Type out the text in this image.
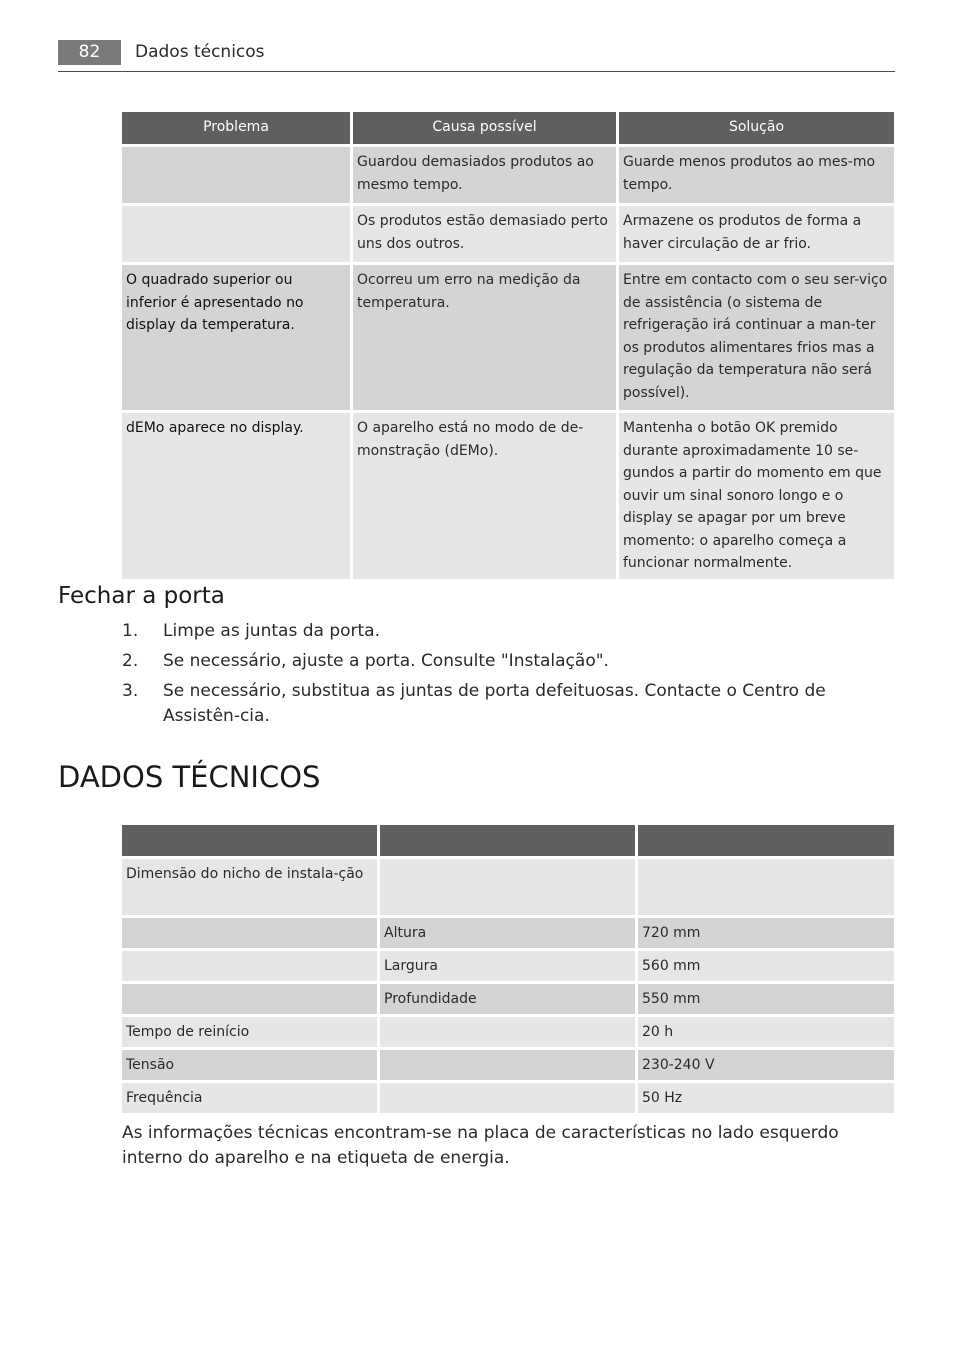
82	Dados técnicos
Problema	Causa possível	Solução
	Guardou demasiados produtos ao mesmo tempo.	Guarde menos produtos ao mes-mo tempo.
	Os produtos estão demasiado perto uns dos outros.	Armazene os produtos de forma a haver circulação de ar frio.
O quadrado superior ou inferior é apresentado no display da temperatura.	Ocorreu um erro na medição da temperatura.	Entre em contacto com o seu ser-viço de assistência (o sistema de refrigeração irá continuar a man-ter os produtos alimentares frios mas a regulação da temperatura não será possível).
dEMo aparece no display.	O aparelho está no modo de de-monstração (dEMo).	Mantenha o botão OK premido durante aproximadamente 10 se-gundos a partir do momento em que ouvir um sinal sonoro longo e o display se apagar por um breve momento: o aparelho começa a funcionar normalmente.
Fechar a porta
1. Limpe as juntas da porta.
2. Se necessário, ajuste a porta. Consulte "Instalação".
3. Se necessário, substitua as juntas de porta defeituosas. Contacte o Centro de Assistên-cia.
DADOS TÉCNICOS

Dimensão do nicho de instala-ção		
	Altura	720 mm
	Largura	560 mm
	Profundidade	550 mm
Tempo de reinício		20 h
Tensão		230-240 V
Frequência		50 Hz

As informações técnicas encontram-se na placa de características no lado esquerdo interno do aparelho e na etiqueta de energia.
